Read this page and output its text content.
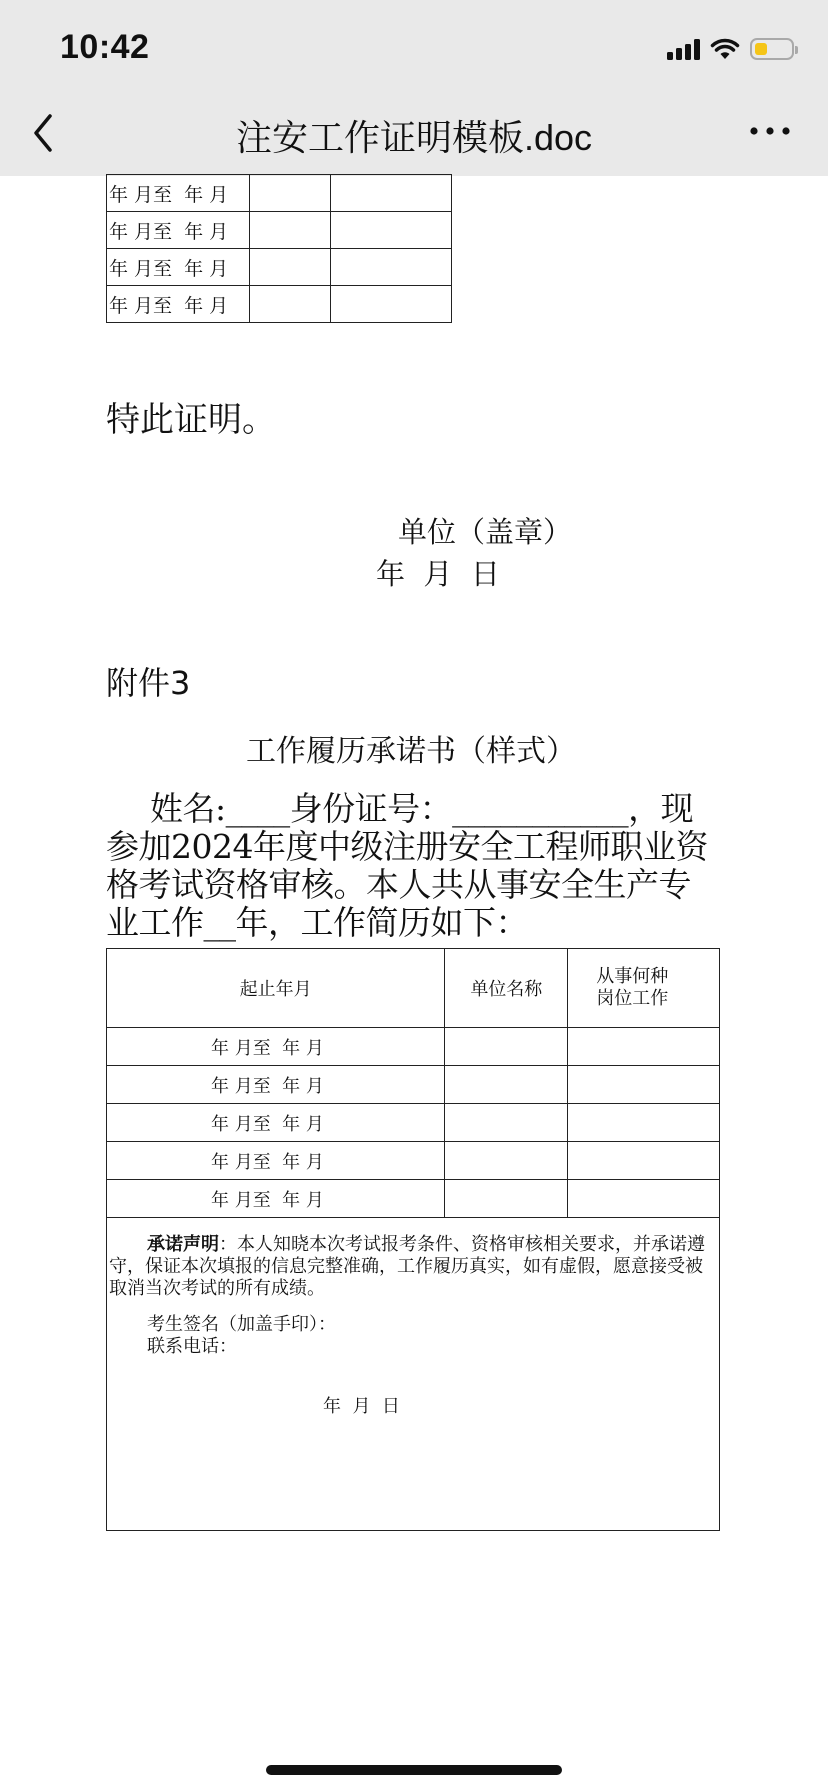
10:42
注安工作证明模板.doc
年 月至  年 月		
年 月至  年 月		
年 月至  年 月		
年 月至  年 月		
特此证明。
单位（盖章）
年  月  日
附件3
工作履历承诺书（样式）
姓名:____身份证号：___________，现参加2024年度中级注册安全工程师职业资格考试资格审核。本人共从事安全生产专业工作__年，工作简历如下：
起止年月	单位名称	从事何种
岗位工作

年 月至  年 月		
年 月至  年 月		
年 月至  年 月		
年 月至  年 月		
年 月至  年 月		

承诺声明：本人知晓本次考试报考条件、资格审核相关要求，并承诺遵守，保证本次填报的信息完整准确，工作履历真实，如有虚假，愿意接受被取消当次考试的所有成绩。
考生签名（加盖手印）：
联系电话：
年  月  日		
